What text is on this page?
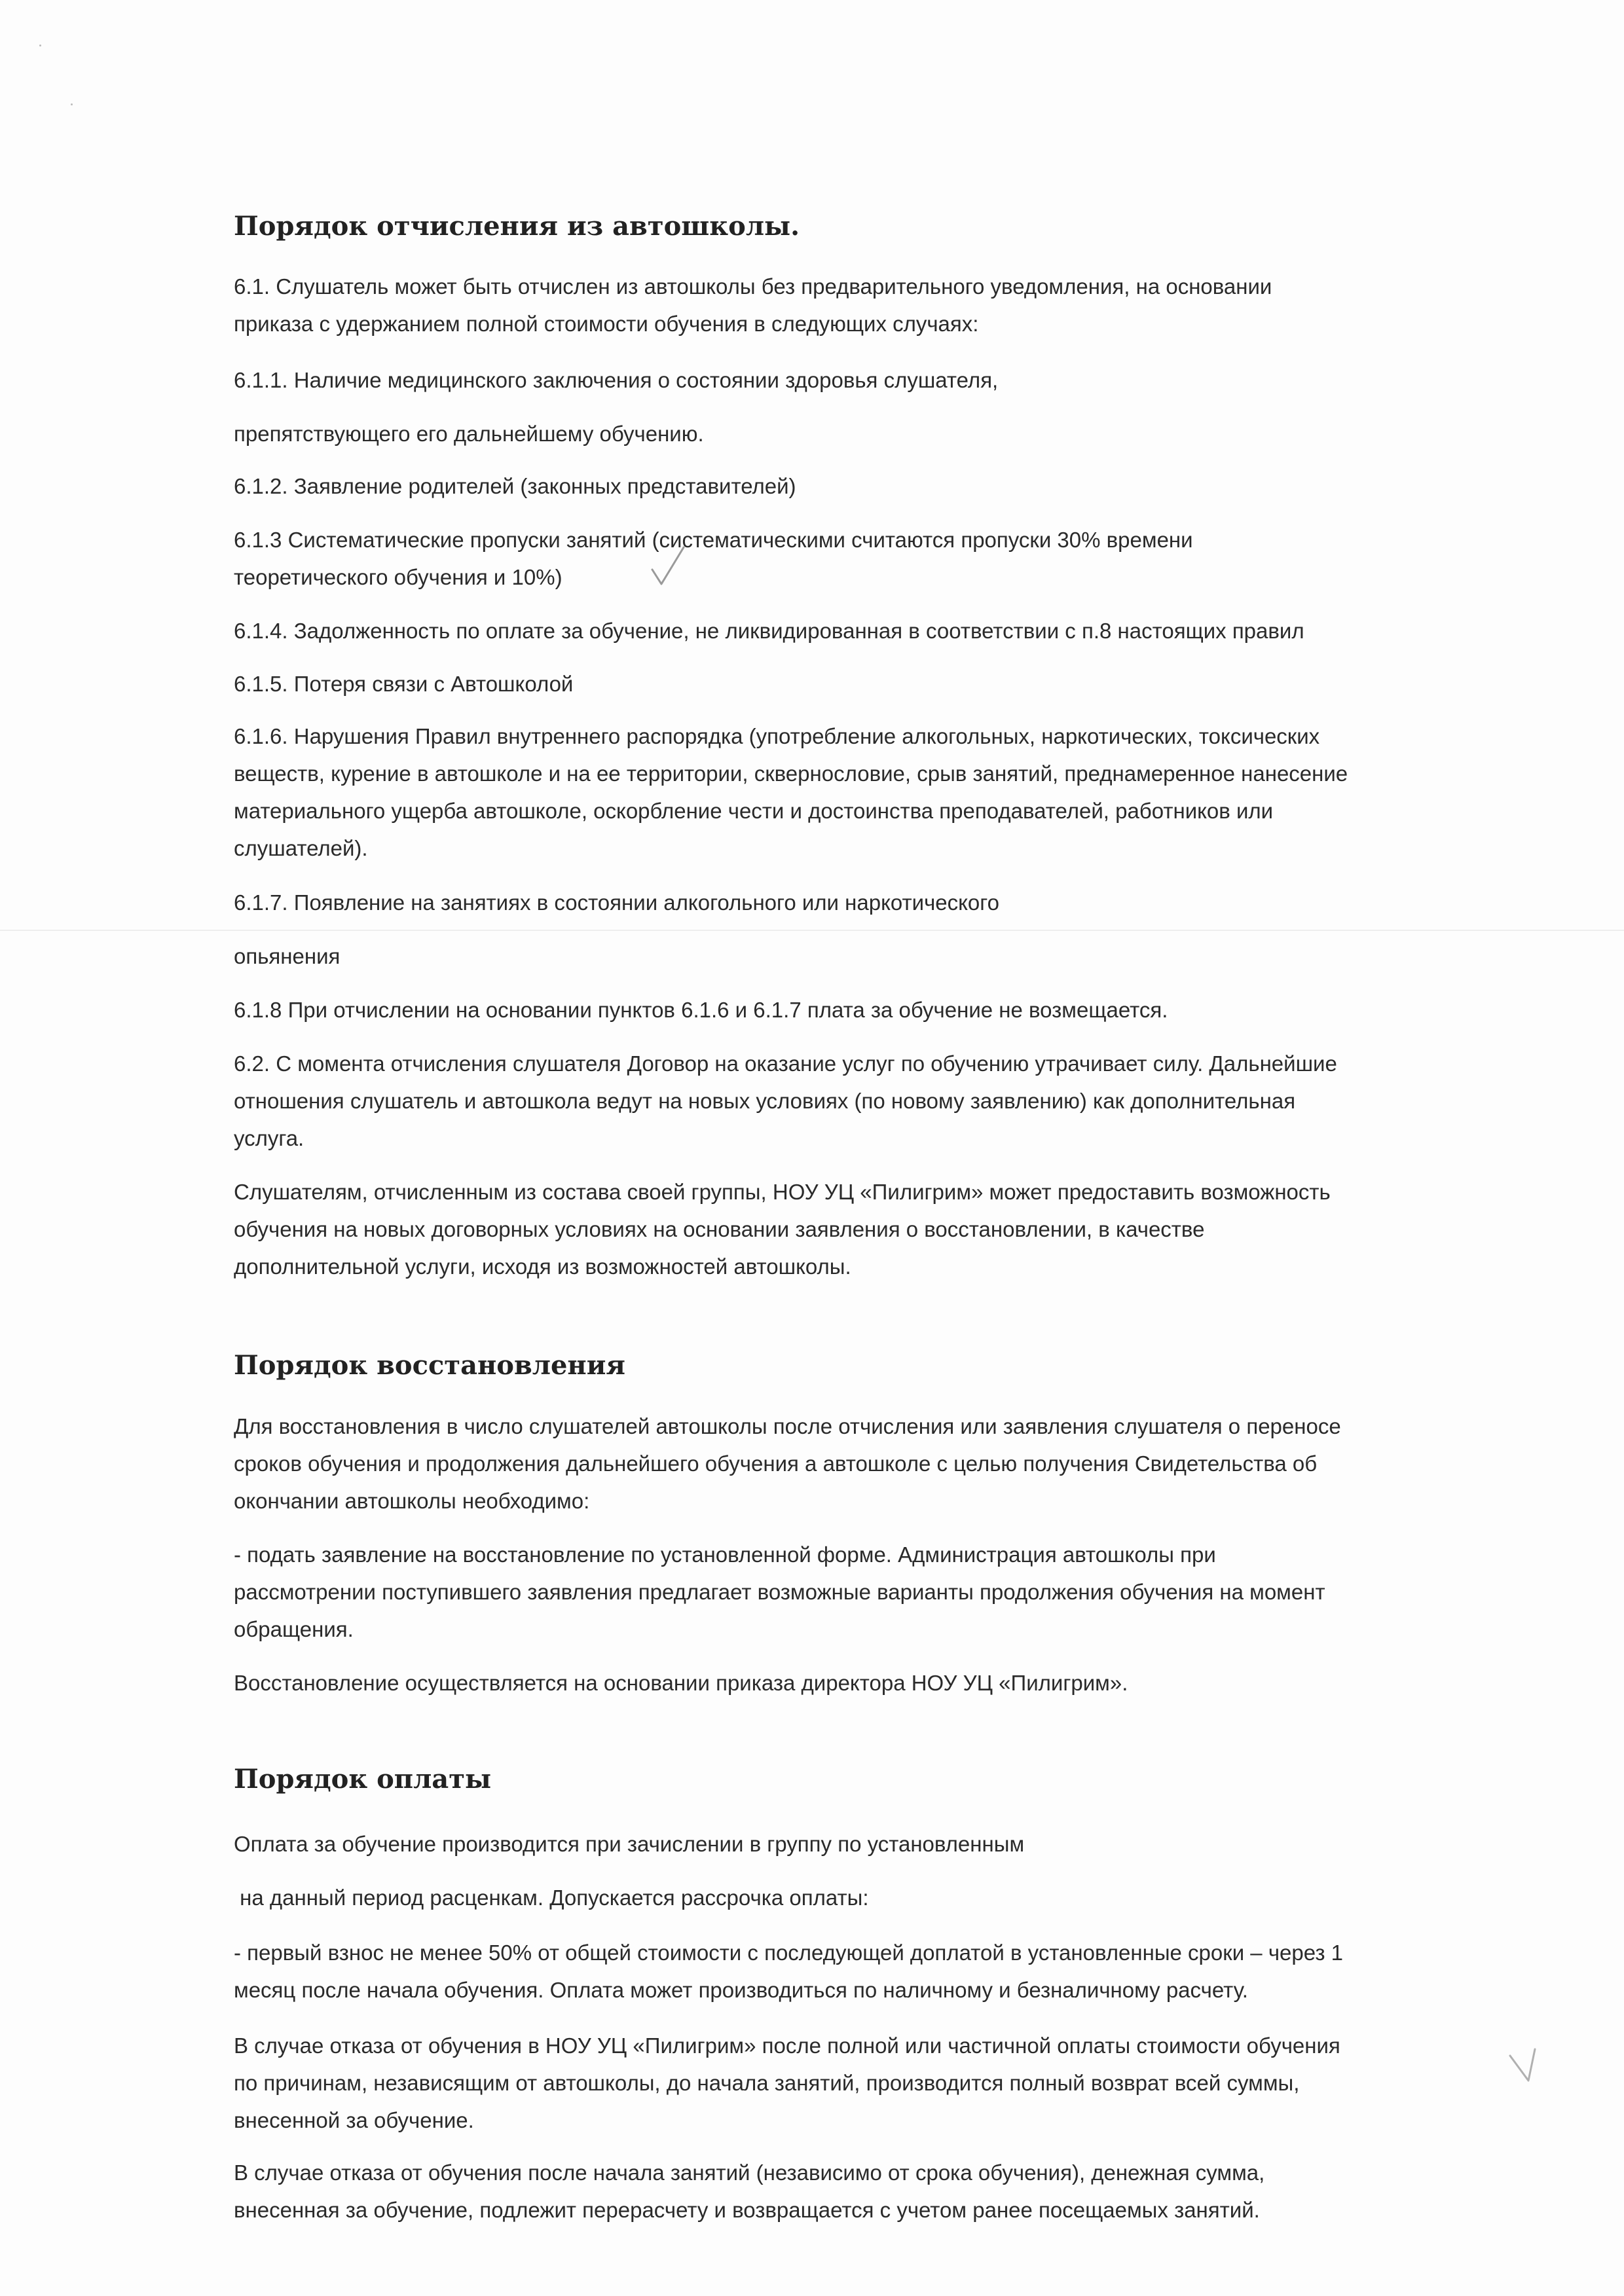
Порядок отчисления из автошколы.
6.1. Слушатель может быть отчислен из автошколы без предварительного уведомления, на основании
приказа с удержанием полной стоимости обучения в следующих случаях:
6.1.1. Наличие медицинского заключения о состоянии здоровья слушателя,
препятствующего его дальнейшему обучению.
6.1.2. Заявление родителей (законных представителей)
6.1.3 Систематические пропуски занятий (систематическими считаются пропуски 30% времени
теоретического обучения и 10%)
6.1.4. Задолженность по оплате за обучение, не ликвидированная в соответствии с п.8 настоящих правил
6.1.5. Потеря связи с Автошколой
6.1.6. Нарушения Правил внутреннего распорядка (употребление алкогольных, наркотических, токсических
веществ, курение в автошколе и на ее территории, сквернословие, срыв занятий, преднамеренное нанесение
материального ущерба автошколе, оскорбление чести и достоинства преподавателей, работников или
слушателей).
6.1.7. Появление на занятиях в состоянии алкогольного или наркотического
опьянения
6.1.8 При отчислении на основании пунктов 6.1.6 и 6.1.7 плата за обучение не возмещается.
6.2. С момента отчисления слушателя Договор на оказание услуг по обучению утрачивает силу. Дальнейшие
отношения слушатель и автошкола ведут на новых условиях (по новому заявлению) как дополнительная
услуга.
Слушателям, отчисленным из состава своей группы, НОУ УЦ «Пилигрим» может предоставить возможность
обучения на новых договорных условиях на основании заявления о восстановлении, в качестве
дополнительной услуги, исходя из возможностей автошколы.
Порядок восстановления
Для восстановления в число слушателей автошколы после отчисления или заявления слушателя о переносе
сроков обучения и продолжения дальнейшего обучения а автошколе с целью получения Свидетельства об
окончании автошколы необходимо:
- подать заявление на восстановление по установленной форме. Администрация автошколы при
рассмотрении поступившего заявления предлагает возможные варианты продолжения обучения на момент
обращения.
Восстановление осуществляется на основании приказа директора НОУ УЦ «Пилигрим».
Порядок оплаты
Оплата за обучение производится при зачислении в группу по установленным
на данный период расценкам. Допускается рассрочка оплаты:
- первый взнос не менее 50% от общей стоимости с последующей доплатой в установленные сроки – через 1
месяц после начала обучения. Оплата может производиться по наличному и безналичному расчету.
В случае отказа от обучения в НОУ УЦ «Пилигрим» после полной или частичной оплаты стоимости обучения
по причинам, независящим от автошколы, до начала занятий, производится полный возврат всей суммы,
внесенной за обучение.
В случае отказа от обучения после начала занятий (независимо от срока обучения), денежная сумма,
внесенная за обучение, подлежит перерасчету и возвращается с учетом ранее посещаемых занятий.
